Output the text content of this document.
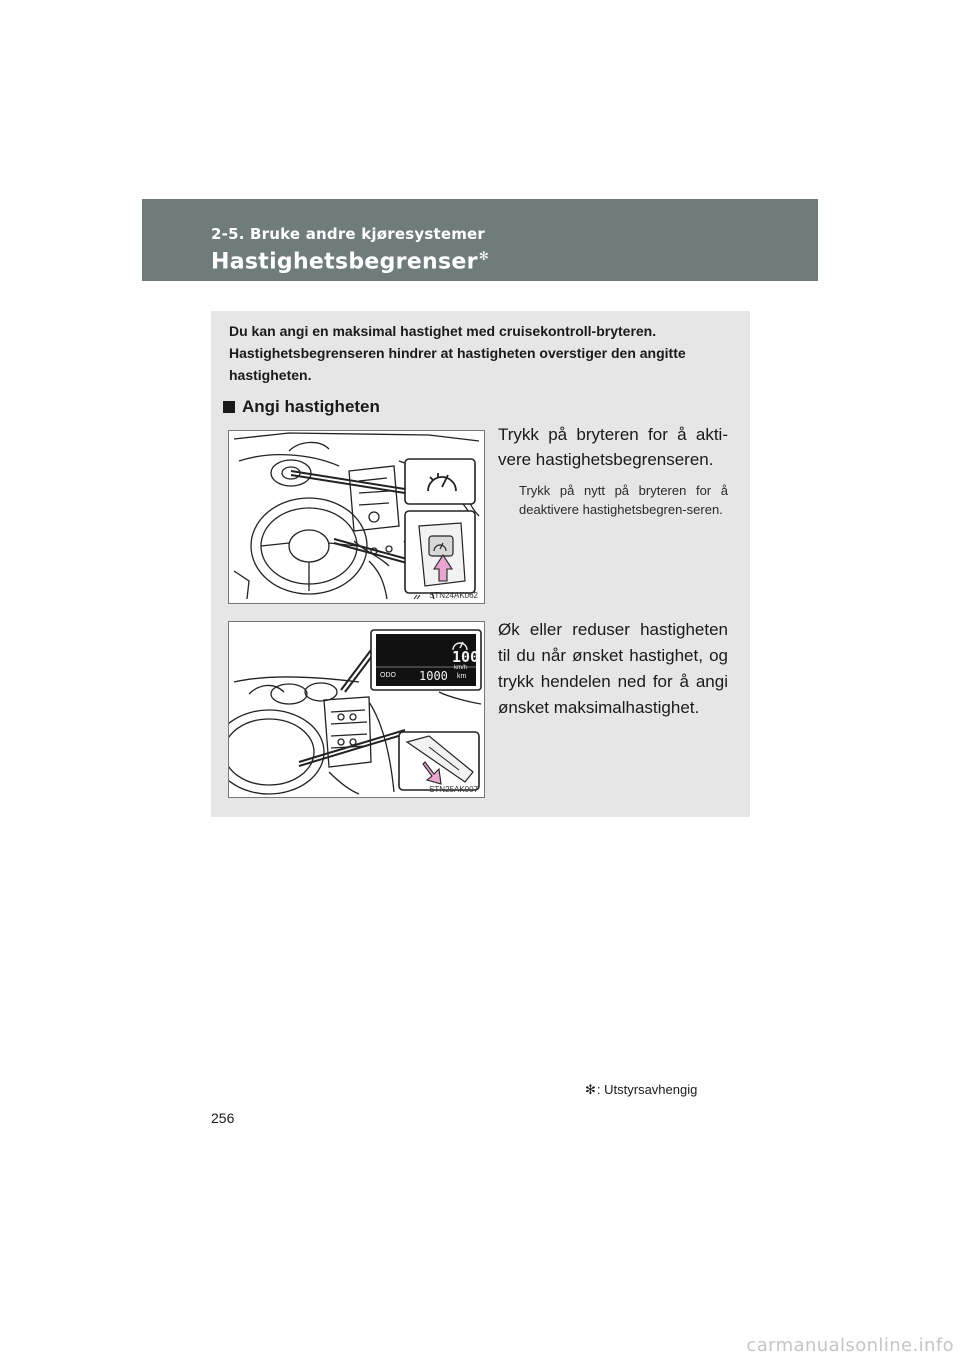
2-5. Bruke andre kjøresystemer
Hastighetsbegrenser✻
Du kan angi en maksimal hastighet med cruisekontroll-bryteren. Hastighetsbegrenseren hindrer at hastigheten overstiger den angitte hastigheten.
Angi hastigheten
STN24AK062
Trykk på bryteren for å akti-vere hastighetsbegrenseren.
Trykk på nytt på bryteren for å deaktivere hastighetsbegren-seren.
100
km/h
ODO 1000 km
STN25AK007
Øk eller reduser hastigheten til du når ønsket hastighet, og trykk hendelen ned for å angi ønsket maksimalhastighet.
✻: Utstyrsavhengig
256
carmanualsonline.info
